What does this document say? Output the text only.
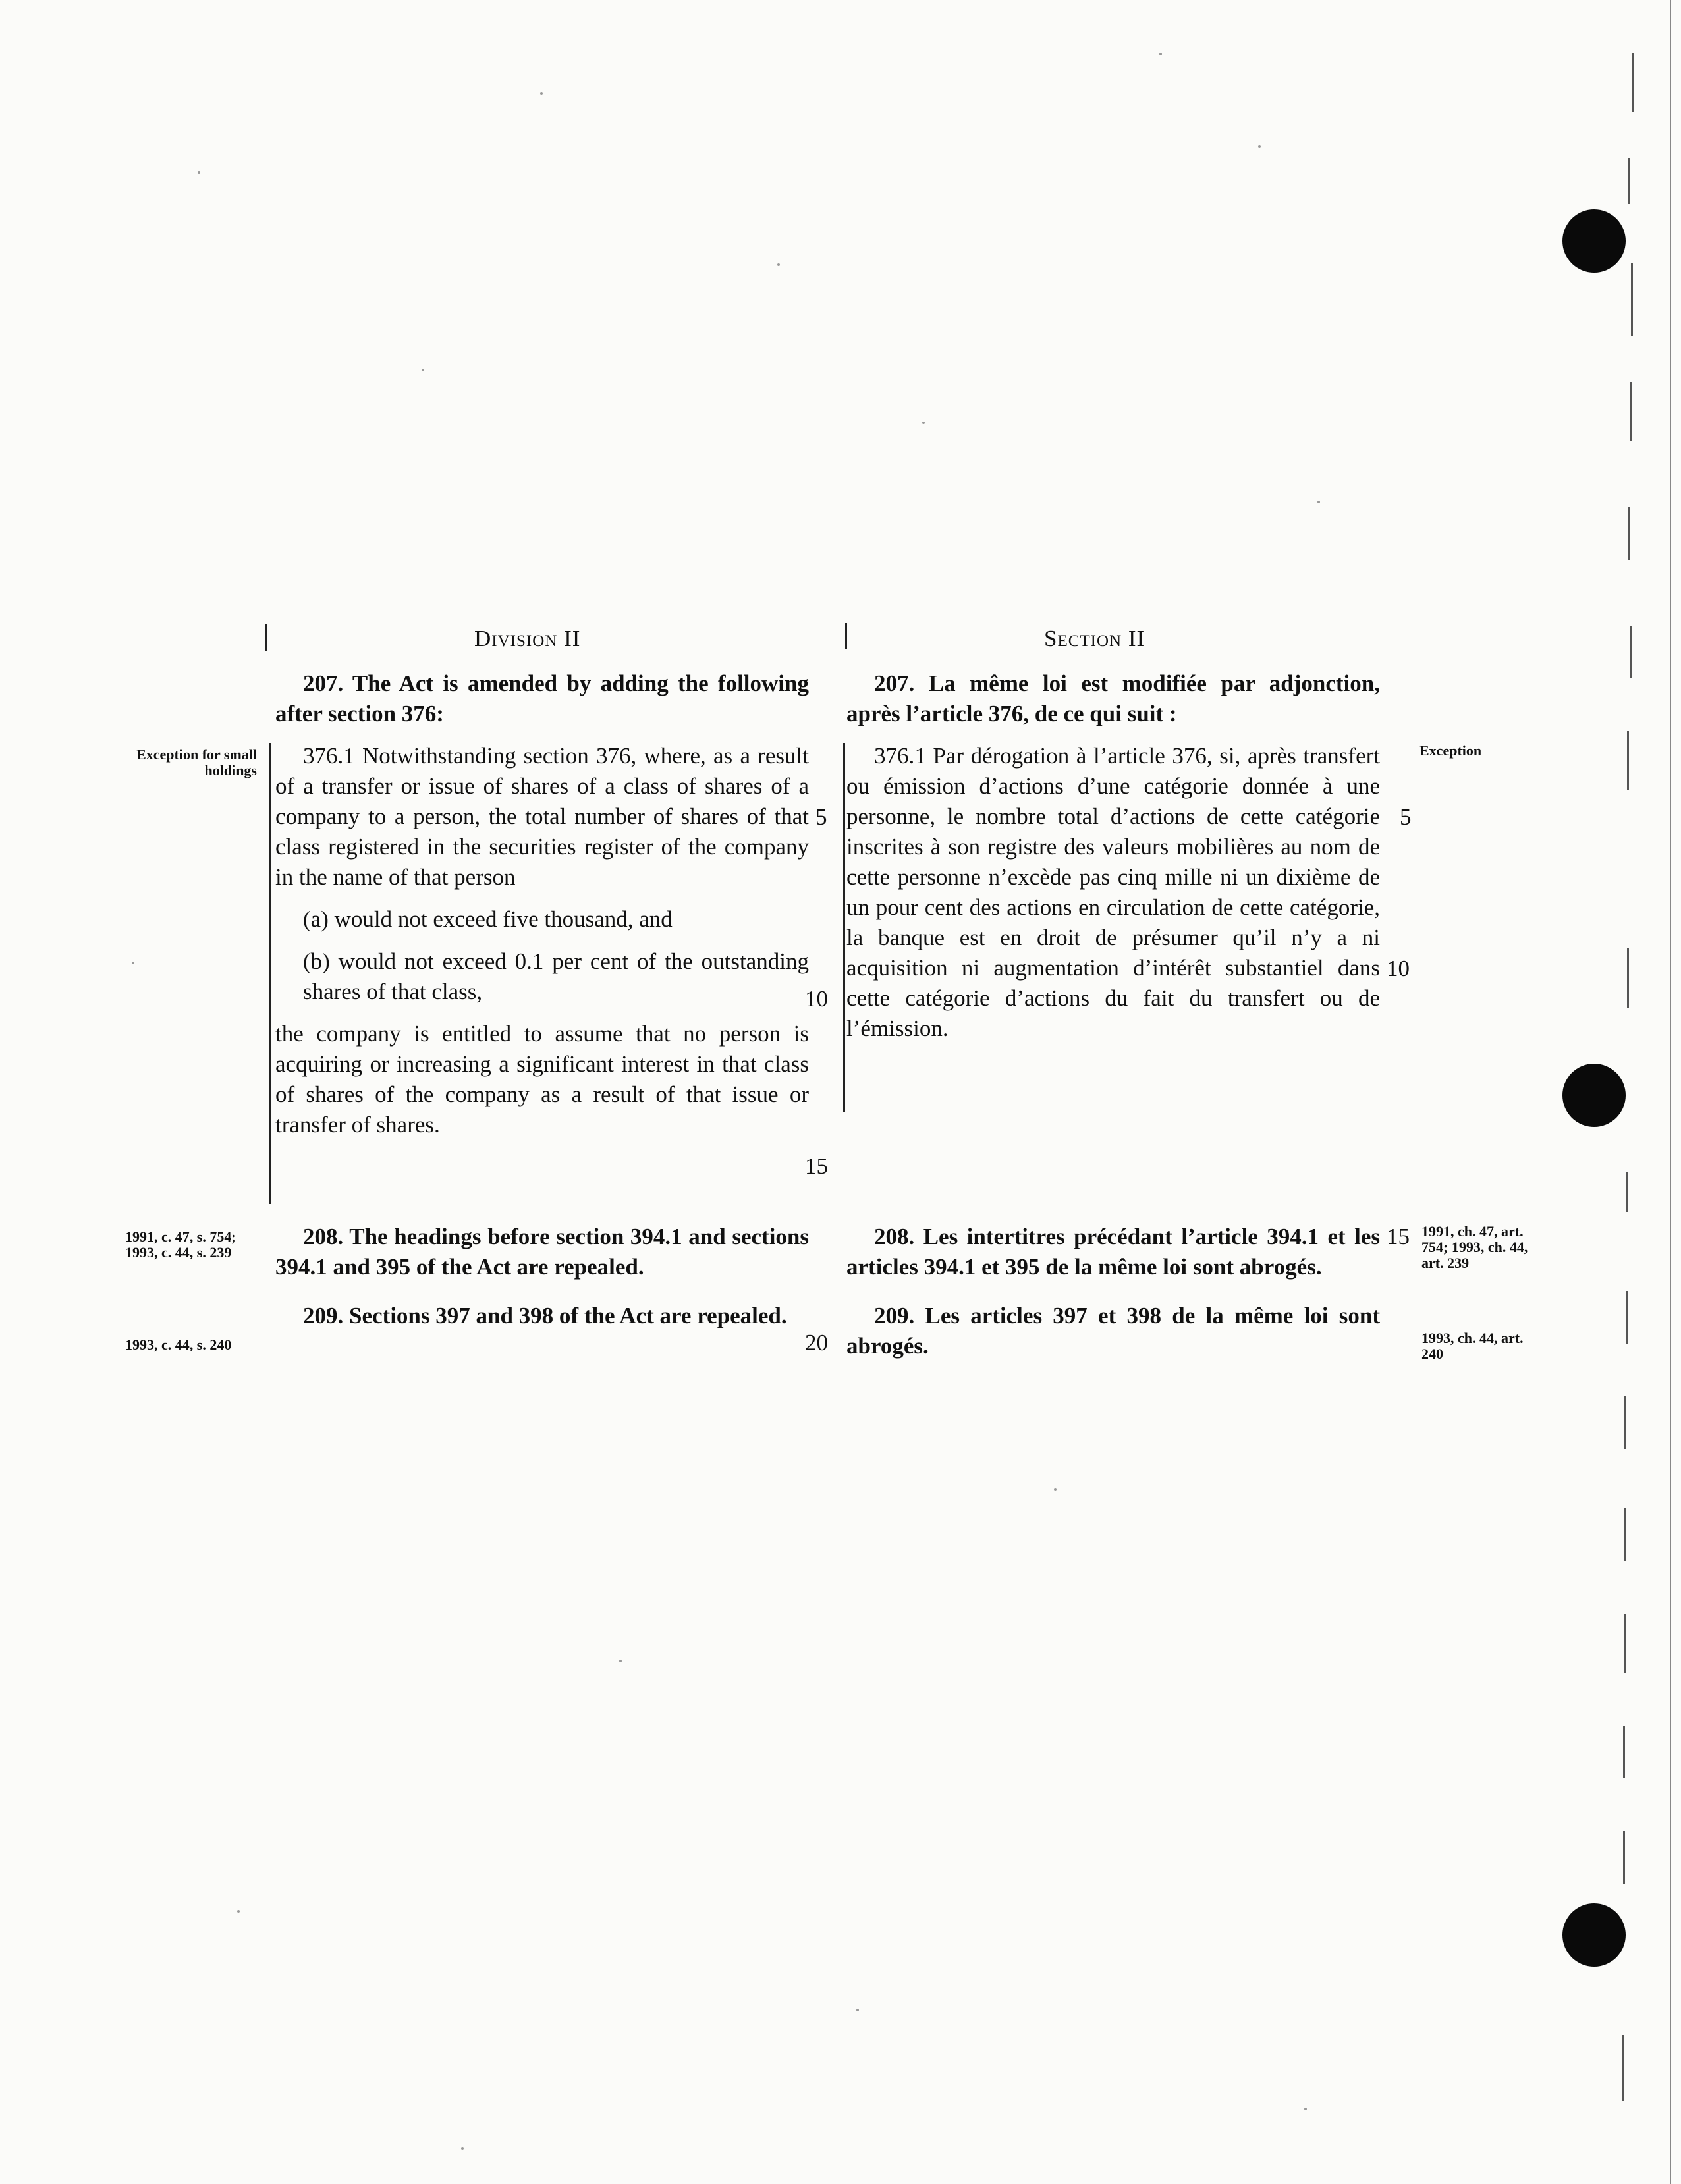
Division II	Section II

207. The Act is amended by adding the following after section 376:

376.1 Notwithstanding section 376, where, as a result of a transfer or issue of shares of a class of shares of a company to a person, the total number of shares of that class registered in the securities register of the company in the name of that person

(a) would not exceed five thousand, and

(b) would not exceed 0.1 per cent of the outstanding shares of that class,

the company is entitled to assume that no person is acquiring or increasing a significant interest in that class of shares of the company as a result of that issue or transfer of shares.

208. The headings before section 394.1 and sections 394.1 and 395 of the Act are repealed.

209. Sections 397 and 398 of the Act are repealed.

5
10
15
20
Exception for small holdings
1991, c. 47, s. 754; 1993, c. 44, s. 239
1993, c. 44, s. 240

207. La même loi est modifiée par adjonction, après l’article 376, de ce qui suit :

376.1 Par dérogation à l’article 376, si, après transfert ou émission d’actions d’une catégorie donnée à une personne, le nombre total d’actions de cette catégorie inscrites à son registre des valeurs mobilières au nom de cette personne n’excède pas cinq mille ni un dixième de un pour cent des actions en circulation de cette catégorie, la banque est en droit de présumer qu’il n’y a ni acquisition ni augmentation d’intérêt substantiel dans cette catégorie d’actions du fait du transfert ou de l’émission.

208. Les intertitres précédant l’article 394.1 et les articles 394.1 et 395 de la même loi sont abrogés.

209. Les articles 397 et 398 de la même loi sont abrogés.

5
10
15
Exception
1991, ch. 47, art. 754; 1993, ch. 44, art. 239
1993, ch. 44, art. 240
